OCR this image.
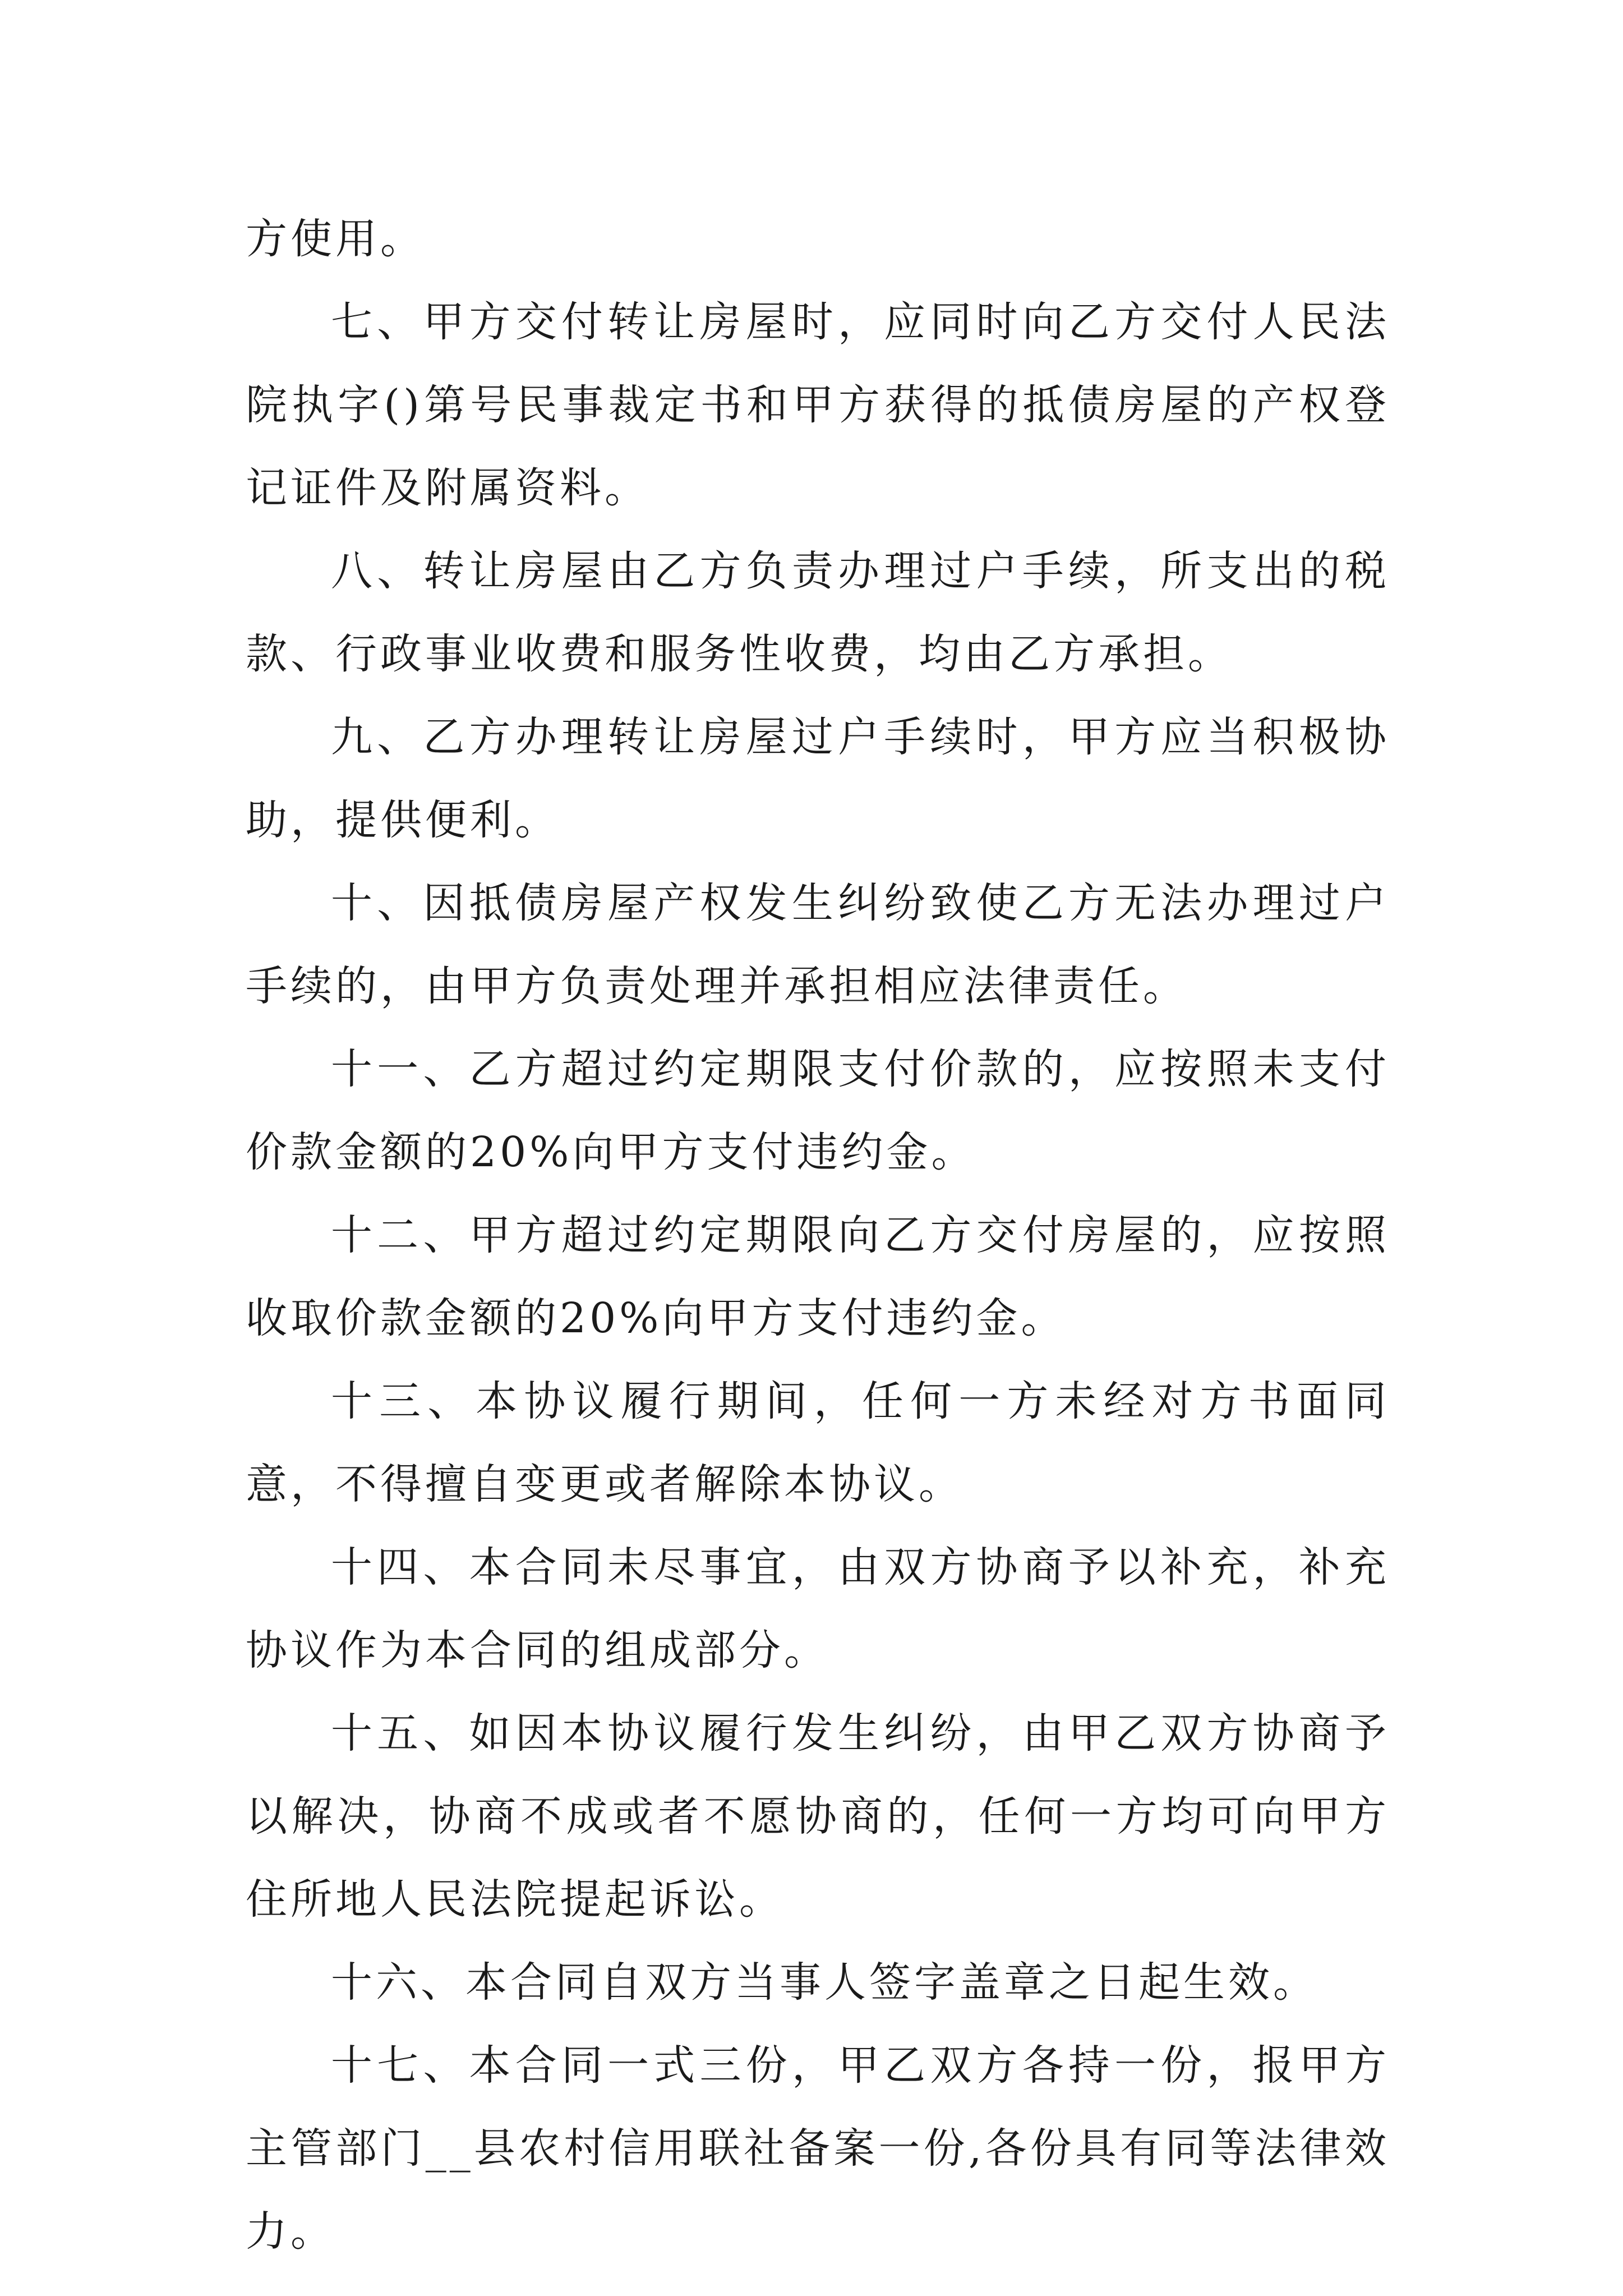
方使用。

七、甲方交付转让房屋时，应同时向乙方交付人民法院执字()第号民事裁定书和甲方获得的抵债房屋的产权登记证件及附属资料。

八、转让房屋由乙方负责办理过户手续，所支出的税款、行政事业收费和服务性收费，均由乙方承担。

九、乙方办理转让房屋过户手续时，甲方应当积极协助，提供便利。

十、因抵债房屋产权发生纠纷致使乙方无法办理过户手续的，由甲方负责处理并承担相应法律责任。

十一、乙方超过约定期限支付价款的，应按照未支付价款金额的20%向甲方支付违约金。

十二、甲方超过约定期限向乙方交付房屋的，应按照收取价款金额的20%向甲方支付违约金。

十三、本协议履行期间，任何一方未经对方书面同意，不得擅自变更或者解除本协议。

十四、本合同未尽事宜，由双方协商予以补充，补充协议作为本合同的组成部分。

十五、如因本协议履行发生纠纷，由甲乙双方协商予以解决，协商不成或者不愿协商的，任何一方均可向甲方住所地人民法院提起诉讼。

十六、本合同自双方当事人签字盖章之日起生效。

十七、本合同一式三份，甲乙双方各持一份，报甲方主管部门__县农村信用联社备案一份,各份具有同等法律效力。
